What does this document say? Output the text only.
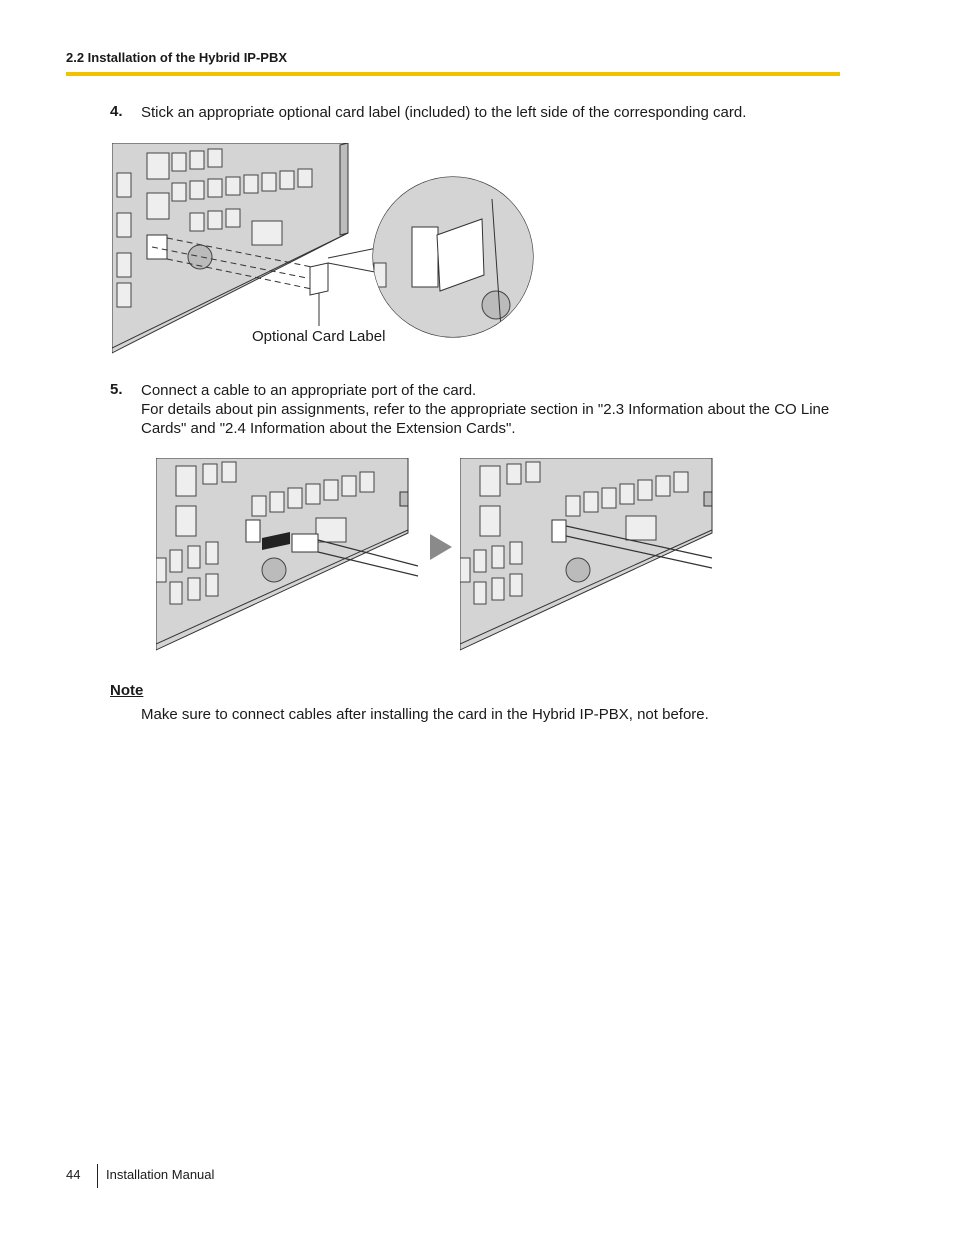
2.2 Installation of the Hybrid IP-PBX
4. Stick an appropriate optional card label (included) to the left side of the corresponding card.
Optional Card Label
5. Connect a cable to an appropriate port of the card.
For details about pin assignments, refer to the appropriate section in "2.3 Information about the CO Line
Cards" and "2.4 Information about the Extension Cards".
Note
Make sure to connect cables after installing the card in the Hybrid IP-PBX, not before.
44 Installation Manual
